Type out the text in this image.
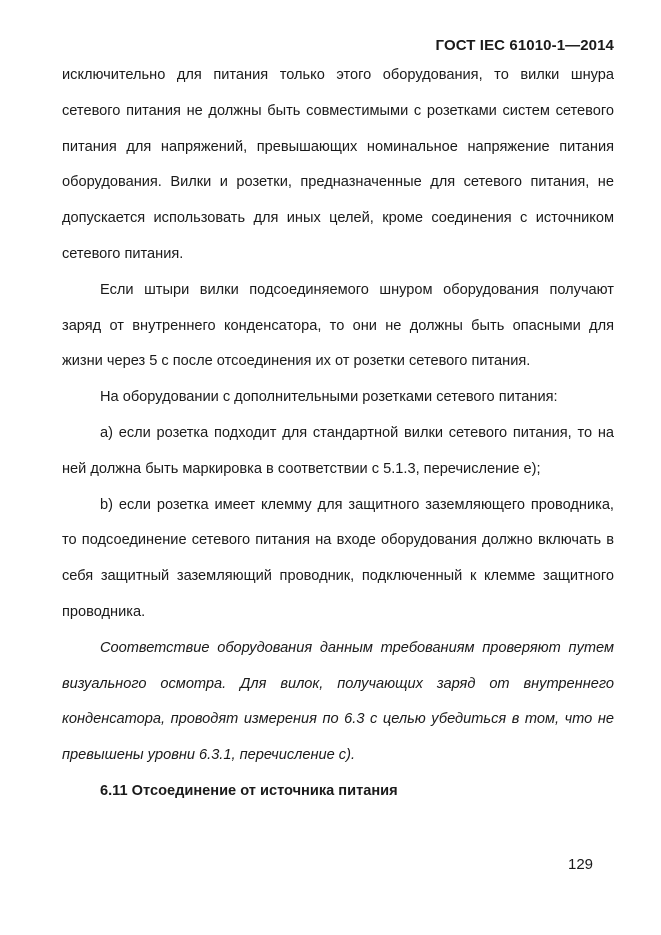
ГОСТ IEC 61010-1—2014

исключительно для питания только этого оборудования, то вилки шнура сетевого питания не должны быть совместимыми с розетками систем сетевого питания для напряжений, превышающих номинальное напряжение питания оборудования. Вилки и розетки, предназначенные для сетевого питания, не допускается использовать для иных целей, кроме соединения с источником сетевого питания.

Если штыри вилки подсоединяемого шнуром оборудования получают заряд от внутреннего конденсатора, то они не должны быть опасными для жизни через 5 с после отсоединения их от розетки сетевого питания.

На оборудовании с дополнительными розетками сетевого питания:

a) если розетка подходит для стандартной вилки сетевого питания, то на ней должна быть маркировка в соответствии с 5.1.3, перечисление e);

b) если розетка имеет клемму для защитного заземляющего проводника, то подсоединение сетевого питания на входе оборудования должно включать в себя защитный заземляющий проводник, подключенный к клемме защитного проводника.

Соответствие оборудования данным требованиям проверяют путем визуального осмотра. Для вилок, получающих заряд от внутреннего конденсатора, проводят измерения по 6.3 с целью убедиться в том, что не превышены уровни 6.3.1, перечисление c).

6.11 Отсоединение от источника питания

129
